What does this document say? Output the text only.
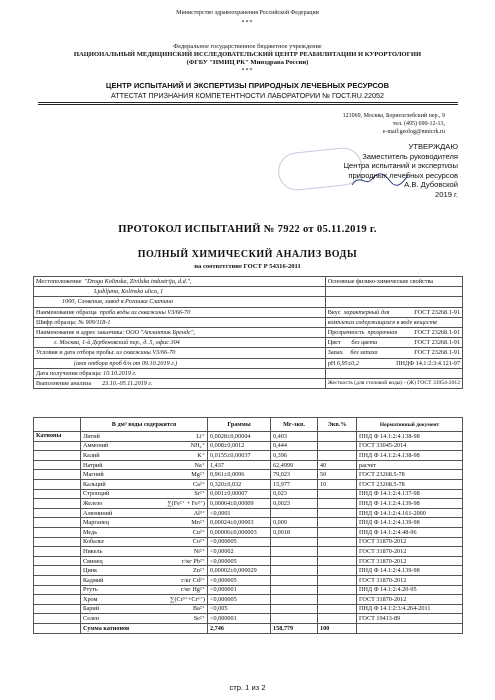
Министерство здравоохранения Российской Федерации
***
Федеральное государственное бюджетное учреждение
НАЦИОНАЛЬНЫЙ МЕДИЦИНСКИЙ ИССЛЕДОВАТЕЛЬСКИЙ ЦЕНТР РЕАБИЛИТАЦИИ И КУРОРТОЛОГИИ
(ФГБУ "НМИЦ РК" Минздрава России)
***
ЦЕНТР ИСПЫТАНИЙ И ЭКСПЕРТИЗЫ ПРИРОДНЫХ ЛЕЧЕБНЫХ РЕСУРСОВ
АТТЕСТАТ ПРИЗНАНИЯ КОМПЕТЕНТНОСТИ ЛАБОРАТОРИИ № ГОСТ.RU.22052
121069, Москва, Борисоглебский пер., 9
тел. (495) 690-12-13,
e-mail:geolog@nmicrk.ru
УТВЕРЖДАЮ
Заместитель руководителя
Центра испытаний и экспертизы
природных лечебных ресурсов
А.В. Дубовской
2019 г.
ПРОТОКОЛ ИСПЫТАНИЙ № 7922 от 05.11.2019 г.
ПОЛНЫЙ ХИМИЧЕСКИЙ АНАЛИЗ ВОДЫ
на соответствие ГОСТ Р 54316-2011
Местоположение "Droga Kolinska, Zivilska industrija, d.d.",	Основные физико-химические свойства
Ljubljana, Kolinska ulica, 1	
1000, Словения, завод в Рогашка Слатина	
Наименование образца проба воды из скважины V3/66-70	Вкус характерный для ГОСТ 23268.1-91

Шифр образца: № 909/118-1	комплекса содержащихся в воде веществ
Наименование и адрес заказчика: ООО "Атлантик Брендс",	Прозрачность прозрачная ГОСТ 23268.1-91

г. Москва, 1-й Дербеновский пер., д. 5, офис 304	Цвет без цвета ГОСТ 23268.1-91

Условия и дата отбора пробы: из скважины V3/66-70	Запах без запаха ГОСТ 23268.1-91

(акт отбора проб б/н от 09.10.2019 г.)	pH 6,95±0,2 ПНДФ 14.1:2:3:4.121-97

Дата получения образца: 10.10.2019 г.	
Выполнение анализа 23.10.-05.11.2019 г.	Жесткость (для столовой воды) - (Ж) ГОСТ 31954-2012
	В дм³ воды содержится	Граммы	Мг-экв.	Экв.%	Нормативный документ
Катионы	Литий Li⁺	0,0028±0,00004	0,403		ПНД Ф 14.1:2:4.138-98
	Аммоний NH₄⁺	0,008±0,0012	0,444		ГОСТ 33045-2014
	Калий K⁺	0,0155±0,00037	0,396		ПНД Ф 14.1:2:4.138-98
	Натрий Na⁺	1,437	62,4999	40	расчет
	Магний Mg²⁺	0,961±0,0096	79,023	50	ГОСТ 23268.5-78
	Кальций Ca²⁺	0,320±0,032	15,977	10	ГОСТ 23268.5-78
	Стронций Sr²⁺	0,001±0,00007	0,023		ПНД Ф 14.1:2:4.137-98
	Железо ∑(Fe²⁺ + Fe³⁺)	0,00064±0,00009	0,0023		ПНД Ф 14.1:2:4.139-98
	Алюминий Al³⁺	<0,0001			ПНД Ф 14.1:2:4.161-2000
	Марганец Mn²⁺	0,00024±0,00003	0,009		ПНД Ф 14.1:2:4.139-98
	Медь Cu²⁺	0,00006±0,000003	0,0018		ПНД Ф 14.1:2:4.48-96
	Кобальт Co²⁺	<0,000005			ГОСТ 31870-2012
	Никель Ni²⁺	<0,00002			ГОСТ 31870-2012
	Свинец г/кг Pb²⁺	<0,000005			ГОСТ 31870-2012
	Цинк Zn²⁺	0,00002±0,000029			ПНД Ф 14.1:2:4.139-98
	Кадмий г/кг Cd²⁺	<0,000005			ГОСТ 31870-2012
	Ртуть г/кг Hg²⁺	<0,000001			ПНД Ф 14.1:2:4.20-95
	Хром ∑(Cr³⁺+Cr⁶⁺)	<0,000005			ГОСТ 31870-2012
	Барий Ba²⁺	<0,005			ПНД Ф 14.1:2:3:4.264-2011
	Селен Se²⁺	<0,000001			ГОСТ 19413-89
	Сумма катионов	2,746	158,779	100	
стр. 1 из 2
